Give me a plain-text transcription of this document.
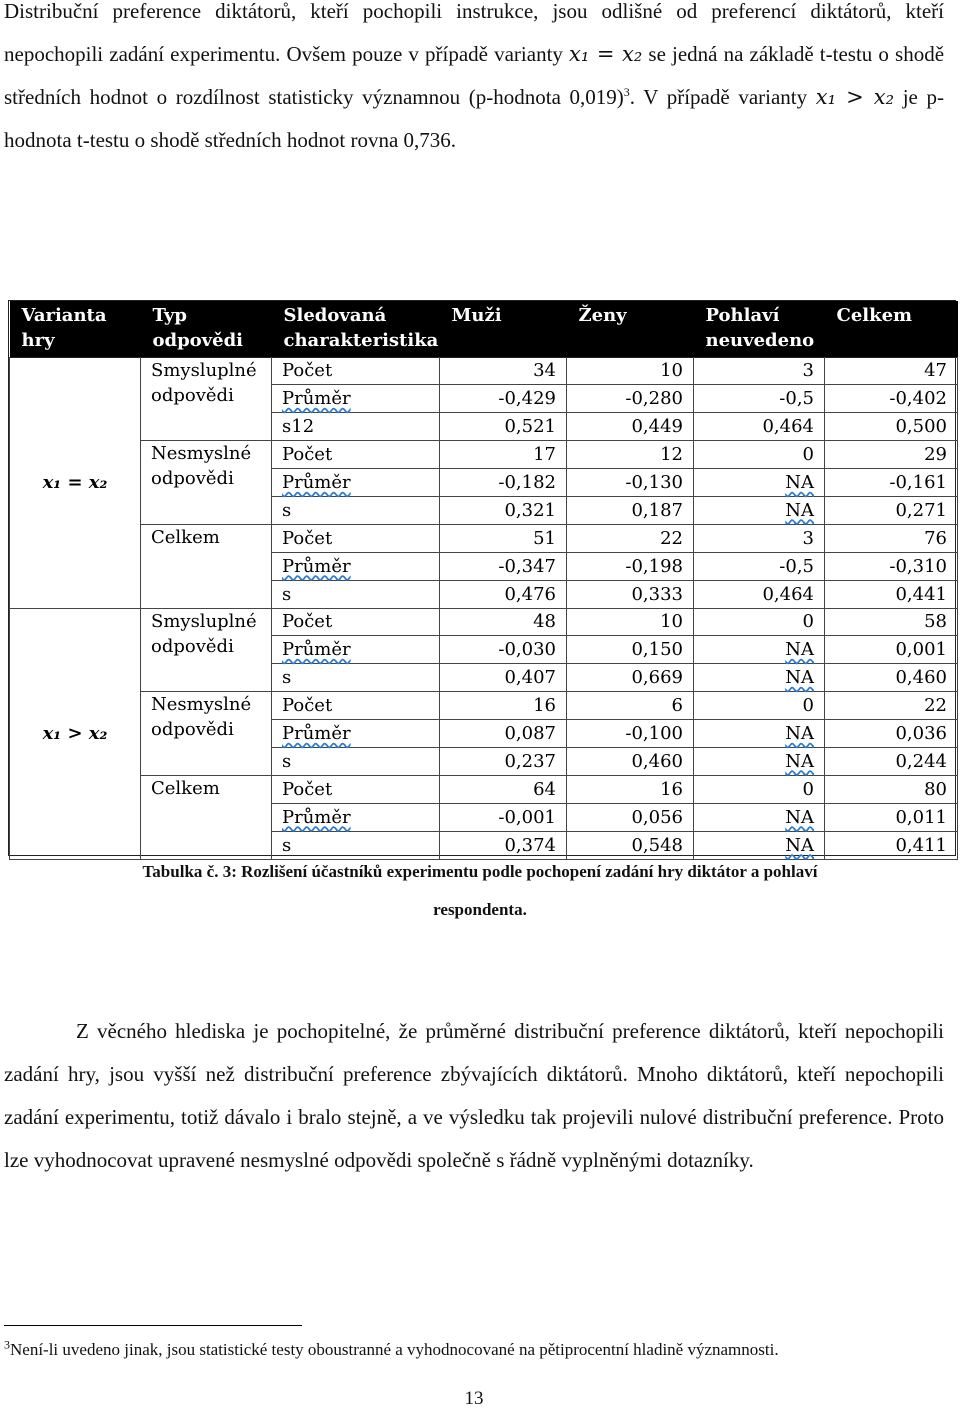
Distribuční preference diktátorů, kteří pochopili instrukce, jsou odlišné od preferencí diktátorů, kteří nepochopili zadání experimentu. Ovšem pouze v případě varianty x₁ = x₂ se jedná na základě t-testu o shodě středních hodnot o rozdílnost statisticky významnou (p-hodnota 0,019)$^3$. V případě varianty x₁ > x₂ je p-hodnota t-testu o shodě středních hodnot rovna 0,736.
Varianta hry	Typ odpovědi	Sledovaná charakteristika	Muži	Ženy	Pohlaví neuvedeno	Celkem
x₁ = x₂	Smysluplné odpovědi	Počet	34	10	3	47
		Průměr	-0,429	-0,280	-0,5	-0,402
		s12	0,521	0,449	0,464	0,500
	Nesmyslné odpovědi	Počet	17	12	0	29
		Průměr	-0,182	-0,130	NA	-0,161
		s	0,321	0,187	NA	0,271
	Celkem	Počet	51	22	3	76
		Průměr	-0,347	-0,198	-0,5	-0,310
		s	0,476	0,333	0,464	0,441
x₁ > x₂	Smysluplné odpovědi	Počet	48	10	0	58
		Průměr	-0,030	0,150	NA	0,001
		s	0,407	0,669	NA	0,460
	Nesmyslné odpovědi	Počet	16	6	0	22
		Průměr	0,087	-0,100	NA	0,036
		s	0,237	0,460	NA	0,244
	Celkem	Počet	64	16	0	80
		Průměr	-0,001	0,056	NA	0,011
		s	0,374	0,548	NA	0,411
Tabulka č. 3: Rozlišení účastníků experimentu podle pochopení zadání hry diktátor a pohlaví
respondenta.
Z věcného hlediska je pochopitelné, že průměrné distribuční preference diktátorů, kteří nepochopili zadání hry, jsou vyšší než distribuční preference zbývajících diktátorů. Mnoho diktátorů, kteří nepochopili zadání experimentu, totiž dávalo i bralo stejně, a ve výsledku tak projevili nulové distribuční preference. Proto lze vyhodnocovat upravené nesmyslné odpovědi společně s řádně vyplněnými dotazníky.
$^3$Není-li uvedeno jinak, jsou statistické testy oboustranné a vyhodnocované na pětiprocentní hladině významnosti.
13
